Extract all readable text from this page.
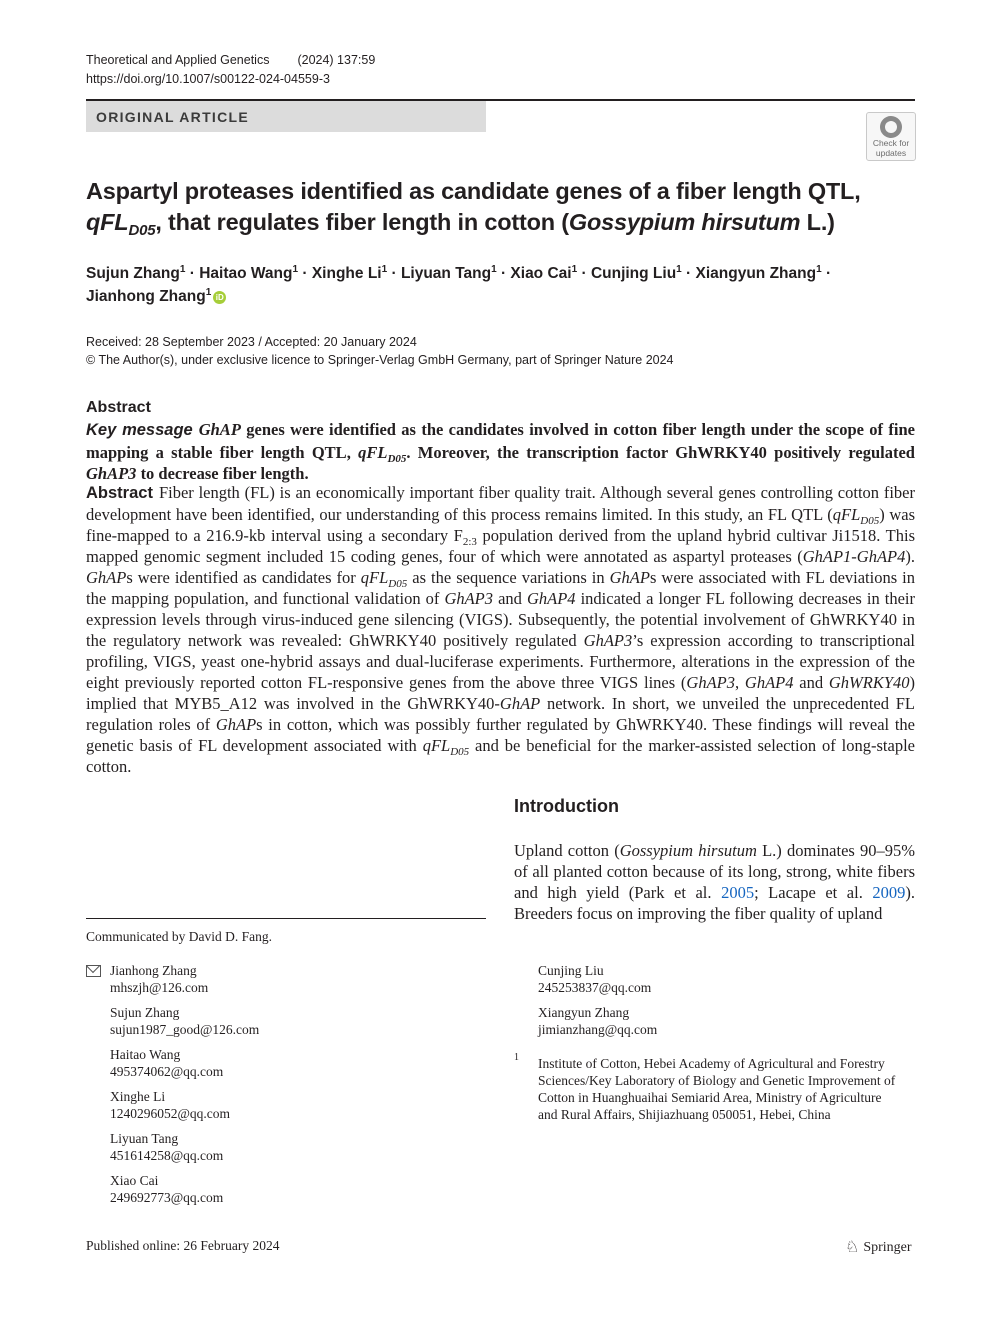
Theoretical and Applied Genetics (2024) 137:59
https://doi.org/10.1007/s00122-024-04559-3
ORIGINAL ARTICLE
Check for
updates
Aspartyl proteases identified as candidate genes of a fiber length QTL,
qFL$_{D05}$, that regulates fiber length in cotton (Gossypium hirsutum L.)
Sujun Zhang$^1$ · Haitao Wang$^1$ · Xinghe $Li^1$ · Liyuan Tang$^1$ · Xiao Cai$^1$ · Cunjing Liu$^1$ · Xiangyun Zhang$^1$ ·
Jianhong Zhang$^1$ iD
Received: 28 September 2023 / Accepted: 20 January 2024
© The Author(s), under exclusive licence to Springer-Verlag GmbH Germany, part of Springer Nature 2024
Abstract
Key message GhAP genes were identified as the candidates involved in cotton fiber length under the scope of fine mapping a stable fiber length QTL, qFL$_{D05}$. Moreover, the transcription factor GhWRKY40 positively regulated GhAP3 to decrease fiber length.
Abstract Fiber length (FL) is an economically important fiber quality trait. Although several genes controlling cotton fiber development have been identified, our understanding of this process remains limited. In this study, an FL QTL (qFL$_{D05}$) was fine-mapped to a 216.9-kb interval using a secondary $F_{2:3}$ population derived from the upland hybrid cultivar Ji1518. This mapped genomic segment included 15 coding genes, four of which were annotated as aspartyl proteases (GhAP1-GhAP4). GhAPs were identified as candidates for qFL$_{D05}$ as the sequence variations in GhAPs were associated with FL deviations in the mapping population, and functional validation of GhAP3 and GhAP4 indicated a longer FL following decreases in their expression levels through virus-induced gene silencing (VIGS). Subsequently, the potential involvement of GhWRKY40 in the regulatory network was revealed: GhWRKY40 positively regulated GhAP3’s expression according to transcriptional profiling, VIGS, yeast one-hybrid assays and dual-luciferase experiments. Furthermore, alterations in the expression of the eight previously reported cotton FL-responsive genes from the above three VIGS lines (GhAP3, GhAP4 and GhWRKY40) implied that MYB5_A12 was involved in the GhWRKY40-GhAP network. In short, we unveiled the unprecedented FL regulation roles of GhAPs in cotton, which was possibly further regulated by GhWRKY40. These findings will reveal the genetic basis of FL development associated with qFL$_{D05}$ and be beneficial for the marker-assisted selection of long-staple cotton.
Introduction
Upland cotton (Gossypium hirsutum L.) dominates 90–95% of all planted cotton because of its long, strong, white fibers and high yield (Park et al. 2005; Lacape et al. 2009). Breeders focus on improving the fiber quality of upland
Communicated by David D. Fang.
Jianhong Zhang
mhszjh@126.com
Sujun Zhang
sujun1987_good@126.com
Haitao Wang
495374062@qq.com
Xinghe Li
1240296052@qq.com
Liyuan Tang
451614258@qq.com
Xiao Cai
249692773@qq.com
Cunjing Liu
245253837@qq.com
Xiangyun Zhang
jimianzhang@qq.com
1 Institute of Cotton, Hebei Academy of Agricultural and Forestry Sciences/Key Laboratory of Biology and Genetic Improvement of Cotton in Huanghuaihai Semiarid Area, Ministry of Agriculture and Rural Affairs, Shijiazhuang 050051, Hebei, China
Published online: 26 February 2024	♘ Springer
